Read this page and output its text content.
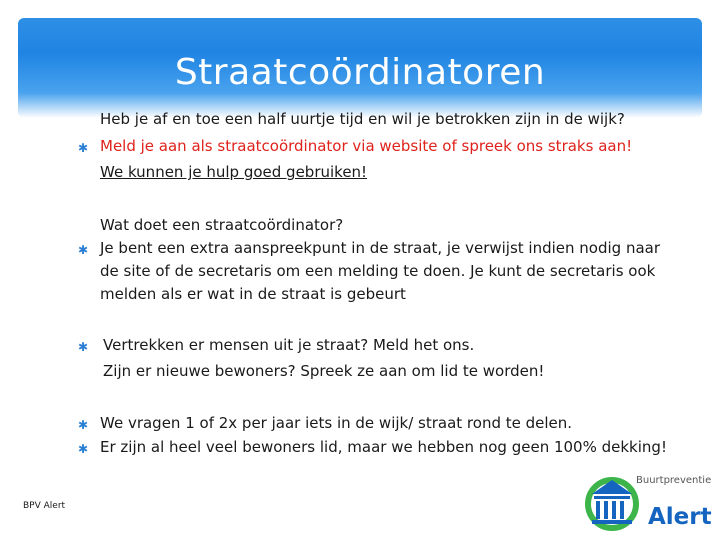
Straatcoördinatoren
Heb je af en toe een half uurtje tijd en wil je betrokken zijn in de wijk?
✱ Meld je aan als straatcoördinator via website of spreek ons straks aan!
We kunnen je hulp goed gebruiken!
Wat doet een straatcoördinator?
✱ Je bent een extra aanspreekpunt in de straat, je verwijst indien nodig naar de site of de secretaris om een melding te doen. Je kunt de secretaris ook melden als er wat in de straat is gebeurt
✱ Vertrekken er mensen uit je straat? Meld het ons.
Zijn er nieuwe bewoners? Spreek ze aan om lid te worden!
✱ We vragen 1 of 2x per jaar iets in de wijk/ straat rond te delen.
✱ Er zijn al heel veel bewoners lid, maar we hebben nog geen 100% dekking!
BPV Alert
Buurtpreventie
Alert
